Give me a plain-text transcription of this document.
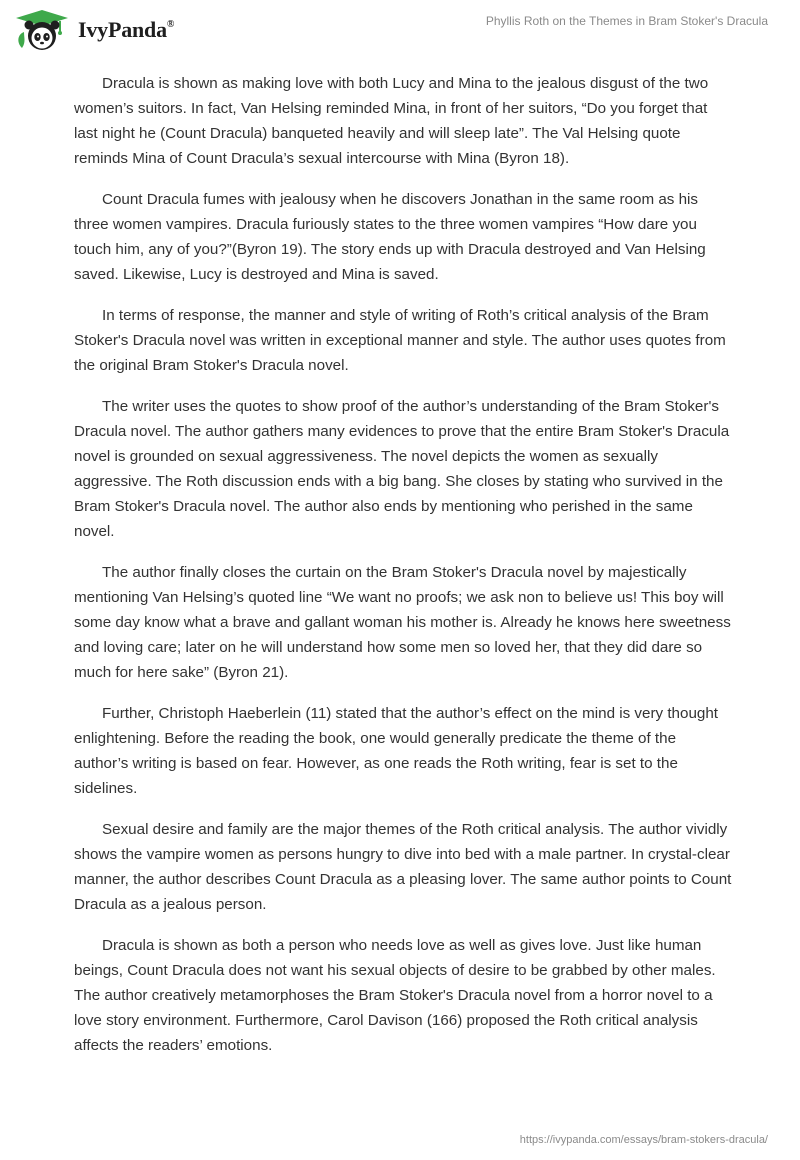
IvyPanda®	Phyllis Roth on the Themes in Bram Stoker's Dracula

Dracula is shown as making love with both Lucy and Mina to the jealous disgust of the two women’s suitors. In fact, Van Helsing reminded Mina, in front of her suitors, “Do you forget that last night he (Count Dracula) banqueted heavily and will sleep late”. The Val Helsing quote reminds Mina of Count Dracula’s sexual intercourse with Mina (Byron 18).

Count Dracula fumes with jealousy when he discovers Jonathan in the same room as his three women vampires. Dracula furiously states to the three women vampires “How dare you touch him, any of you?”(Byron 19). The story ends up with Dracula destroyed and Van Helsing saved. Likewise, Lucy is destroyed and Mina is saved.

In terms of response, the manner and style of writing of Roth’s critical analysis of the Bram Stoker's Dracula novel was written in exceptional manner and style. The author uses quotes from the original Bram Stoker's Dracula novel.

The writer uses the quotes to show proof of the author’s understanding of the Bram Stoker's Dracula novel. The author gathers many evidences to prove that the entire Bram Stoker's Dracula novel is grounded on sexual aggressiveness. The novel depicts the women as sexually aggressive. The Roth discussion ends with a big bang. She closes by stating who survived in the Bram Stoker's Dracula novel. The author also ends by mentioning who perished in the same novel.

The author finally closes the curtain on the Bram Stoker's Dracula novel by majestically mentioning Van Helsing’s quoted line “We want no proofs; we ask non to believe us! This boy will some day know what a brave and gallant woman his mother is. Already he knows here sweetness and loving care; later on he will understand how some men so loved her, that they did dare so much for here sake” (Byron 21).

Further, Christoph Haeberlein (11) stated that the author’s effect on the mind is very thought enlightening. Before the reading the book, one would generally predicate the theme of the author’s writing is based on fear. However, as one reads the Roth writing, fear is set to the sidelines.

Sexual desire and family are the major themes of the Roth critical analysis. The author vividly shows the vampire women as persons hungry to dive into bed with a male partner. In crystal-clear manner, the author describes Count Dracula as a pleasing lover. The same author points to Count Dracula as a jealous person.

Dracula is shown as both a person who needs love as well as gives love. Just like human beings, Count Dracula does not want his sexual objects of desire to be grabbed by other males. The author creatively metamorphoses the Bram Stoker's Dracula novel from a horror novel to a love story environment. Furthermore, Carol Davison (166) proposed the Roth critical analysis affects the readers’ emotions.

https://ivypanda.com/essays/bram-stokers-dracula/
